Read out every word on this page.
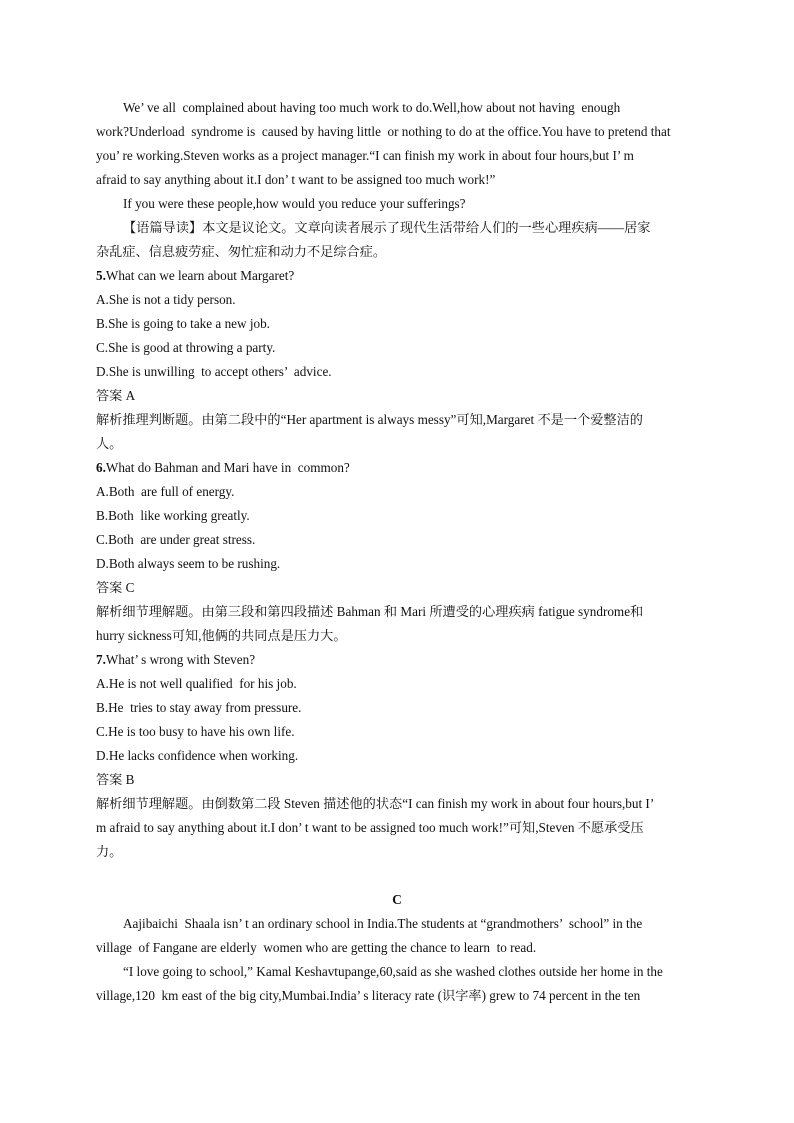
We’ ve all  complained about having too much work to do.Well,how about not having  enough
work?Underload  syndrome is  caused by having little  or nothing to do at the office.You have to pretend that
you’ re working.Steven works as a project manager.“I can finish my work in about four hours,but I’ m
afraid to say anything about it.I don’ t want to be assigned too much work!”
If you were these people,how would you reduce your sufferings?
【语篇导读】本文是议论文。文章向读者展示了现代生活带给人们的一些心理疾病——居家
杂乱症、信息疲劳症、匆忙症和动力不足综合症。
5.What can we learn about Margaret?
A.She is not a tidy person.
B.She is going to take a new job.
C.She is good at throwing a party.
D.She is unwilling  to accept others’  advice.
答案 A
解析推理判断题。由第二段中的“Her apartment is always messy”可知,Margaret 不是一个爱整洁的
人。
6.What do Bahman and Mari have in  common?
A.Both  are full of energy.
B.Both  like working greatly.
C.Both  are under great stress.
D.Both always seem to be rushing.
答案 C
解析细节理解题。由第三段和第四段描述 Bahman 和 Mari 所遭受的心理疾病 fatigue syndrome和
hurry sickness可知,他俩的共同点是压力大。
7.What’ s wrong with Steven?
A.He is not well qualified  for his job.
B.He  tries to stay away from pressure.
C.He is too busy to have his own life.
D.He lacks confidence when working.
答案 B
解析细节理解题。由倒数第二段 Steven 描述他的状态“I can finish my work in about four hours,but I’
m afraid to say anything about it.I don’ t want to be assigned too much work!”可知,Steven 不愿承受压
力。
C
Aajibaichi  Shaala isn’ t an ordinary school in India.The students at “grandmothers’  school” in the
village  of Fangane are elderly  women who are getting the chance to learn  to read.
“I love going to school,” Kamal Keshavtupange,60,said as she washed clothes outside her home in the
village,120  km east of the big city,Mumbai.India’ s literacy rate (识字率) grew to 74 percent in the ten
